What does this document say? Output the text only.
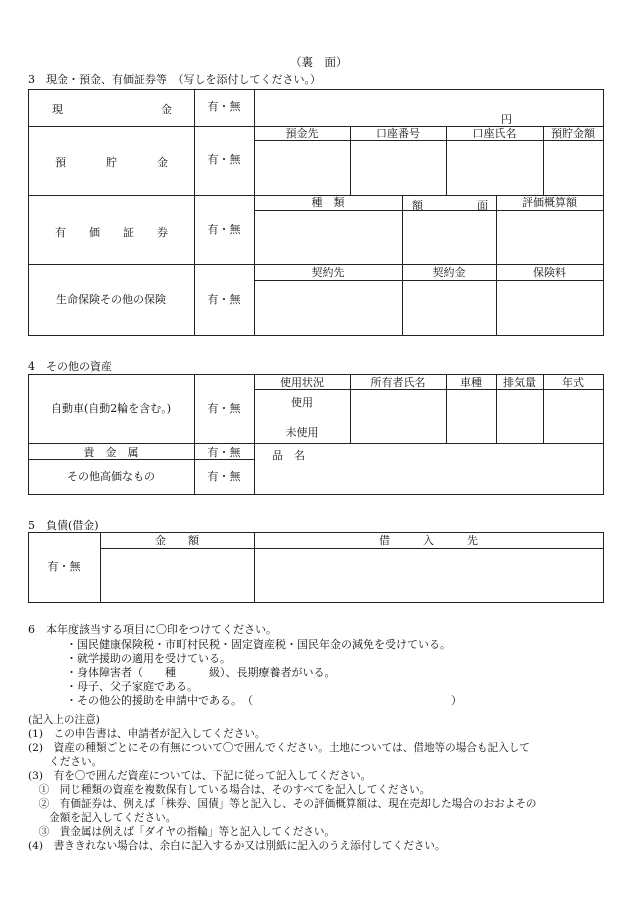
（裏　面）
3　現金・預金、有価証券等　（写しを添付してください。）
現	金	有・無
円
預	貯	金	有・無
預金先	口座番号	口座氏名	預貯金額
有 価 証 券	有・無
種　類	額	面	評価概算額
生命保険その他の保険	有・無
契約先	契約金	保険料
4　その他の資産
自動車(自動2輪を含む。)	有・無
使用状況	所有者氏名	車種	排気量	年式
使用
未使用
貴　金　属	有・無	品　名
その他高価なもの	有・無
5　負債(借金)
有・無
金　　額	借　　　入　　　先
6　本年度該当する項目に〇印をつけてください。
・国民健康保険税・市町村民税・固定資産税・国民年金の減免を受けている。
・就学援助の適用を受けている。
・身体障害者（　　種　　　級）、長期療養者がいる。
・母子、父子家庭である。
・その他公的援助を申請中である。　（　　　　　　　　　　　　　　　　　　）
(記入上の注意)
(1)　この申告書は、申請者が記入してください。
(2)　資産の種類ごとにその有無について〇で囲んでください。土地については、借地等の場合も記入して
　　ください。
(3)　有を〇で囲んだ資産については、下記に従って記入してください。
　①　同じ種類の資産を複数保有している場合は、そのすべてを記入してください。
　②　有価証券は、例えば「株券、国債」等と記入し、その評価概算額は、現在売却した場合のおおよその
　　金額を記入してください。
　③　貴金属は例えば「ダイヤの指輪」等と記入してください。
(4)　書ききれない場合は、余白に記入するか又は別紙に記入のうえ添付してください。
